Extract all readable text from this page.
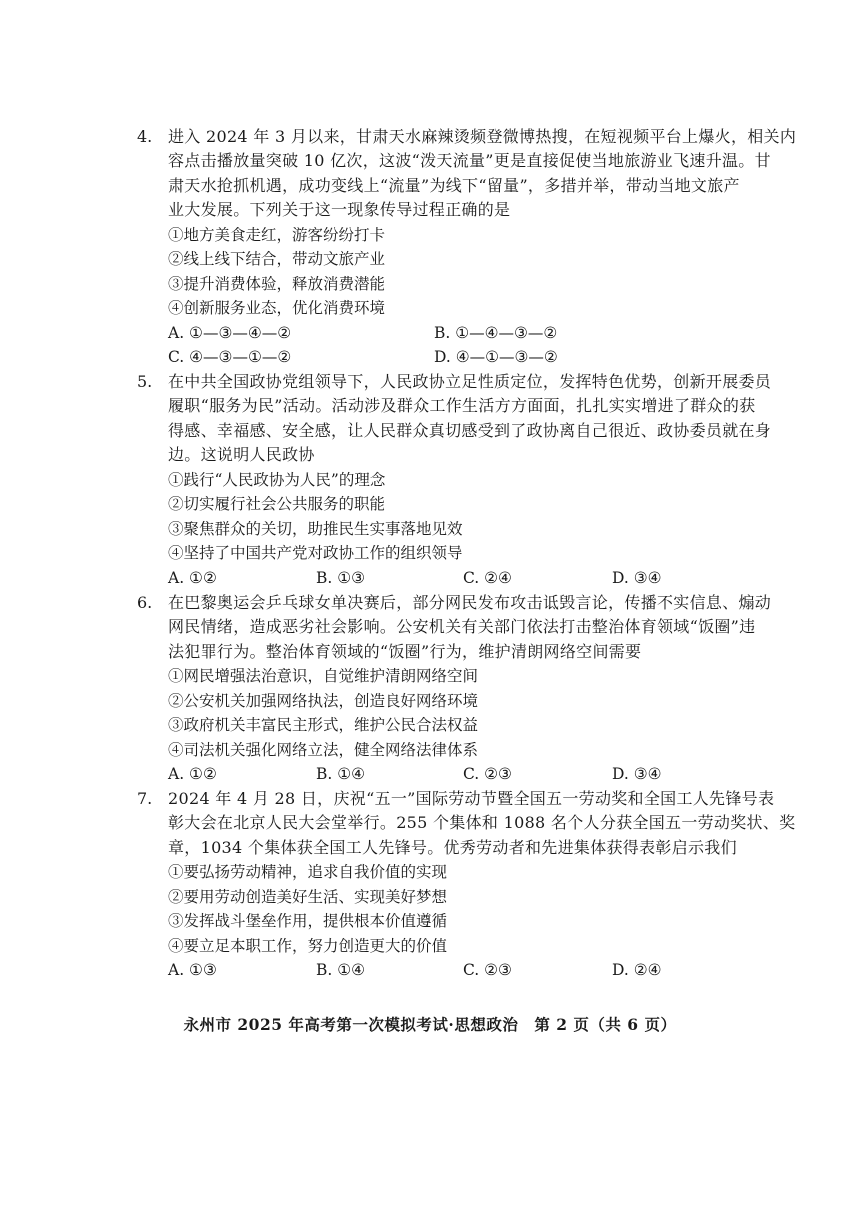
4. 进入 2024 年 3 月以来，甘肃天水麻辣烫频登微博热搜，在短视频平台上爆火，相关内
容点击播放量突破 10 亿次，这波“泼天流量”更是直接促使当地旅游业飞速升温。甘
肃天水抢抓机遇，成功变线上“流量”为线下“留量”，多措并举，带动当地文旅产
业大发展。下列关于这一现象传导过程正确的是
①地方美食走红，游客纷纷打卡
②线上线下结合，带动文旅产业
③提升消费体验，释放消费潜能
④创新服务业态，优化消费环境
A. ①—③—④—②	B. ①—④—③—②
C. ④—③—①—②	D. ④—①—③—②
5. 在中共全国政协党组领导下，人民政协立足性质定位，发挥特色优势，创新开展委员
履职“服务为民”活动。活动涉及群众工作生活方方面面，扎扎实实增进了群众的获
得感、幸福感、安全感，让人民群众真切感受到了政协离自己很近、政协委员就在身
边。这说明人民政协
①践行“人民政协为人民”的理念
②切实履行社会公共服务的职能
③聚焦群众的关切，助推民生实事落地见效
④坚持了中国共产党对政协工作的组织领导
A. ①②	B. ①③	C. ②④	D. ③④
6. 在巴黎奥运会乒乓球女单决赛后，部分网民发布攻击诋毁言论，传播不实信息、煽动
网民情绪，造成恶劣社会影响。公安机关有关部门依法打击整治体育领域“饭圈”违
法犯罪行为。整治体育领域的“饭圈”行为，维护清朗网络空间需要
①网民增强法治意识，自觉维护清朗网络空间
②公安机关加强网络执法，创造良好网络环境
③政府机关丰富民主形式，维护公民合法权益
④司法机关强化网络立法，健全网络法律体系
A. ①②	B. ①④	C. ②③	D. ③④
7. 2024 年 4 月 28 日，庆祝“五一”国际劳动节暨全国五一劳动奖和全国工人先锋号表
彰大会在北京人民大会堂举行。255 个集体和 1088 名个人分获全国五一劳动奖状、奖
章，1034 个集体获全国工人先锋号。优秀劳动者和先进集体获得表彰启示我们
①要弘扬劳动精神，追求自我价值的实现
②要用劳动创造美好生活、实现美好梦想
③发挥战斗堡垒作用，提供根本价值遵循
④要立足本职工作，努力创造更大的价值
A. ①③	B. ①④	C. ②③	D. ②④
永州市 2025 年高考第一次模拟考试·思想政治　第 2 页（共 6 页）
